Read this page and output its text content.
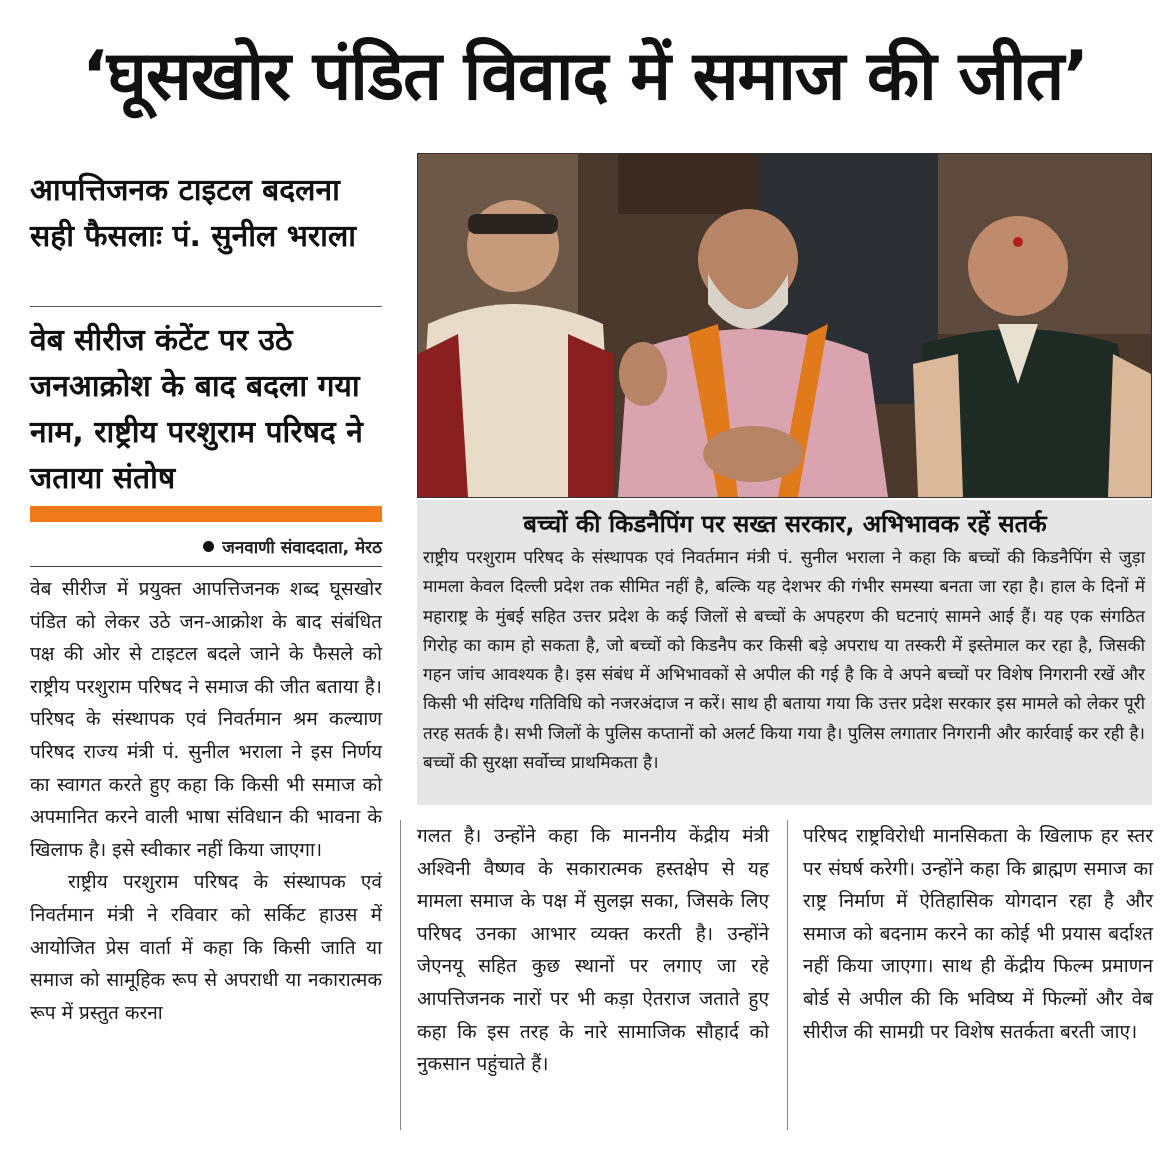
‘घूसखोर पंडित विवाद में समाज की जीत’
आपत्तिजनक टाइटल बदलना सही फैसलाः पं. सुनील भराला
वेब सीरीज कंटेंट पर उठे जनआक्रोश के बाद बदला गया नाम, राष्ट्रीय परशुराम परिषद ने जताया संतोष
जनवाणी संवाददाता, मेरठ

वेब सीरीज में प्रयुक्त आपत्तिजनक शब्द घूसखोर पंडित को लेकर उठे जन-आक्रोश के बाद संबंधित पक्ष की ओर से टाइटल बदले जाने के फैसले को राष्ट्रीय परशुराम परिषद ने समाज की जीत बताया है। परिषद के संस्थापक एवं निवर्तमान श्रम कल्याण परिषद राज्य मंत्री पं. सुनील भराला ने इस निर्णय का स्वागत करते हुए कहा कि किसी भी समाज को अपमानित करने वाली भाषा संविधान की भावना के खिलाफ है। इसे स्वीकार नहीं किया जाएगा।

राष्ट्रीय परशुराम परिषद के संस्थापक एवं निवर्तमान मंत्री ने रविवार को सर्किट हाउस में आयोजित प्रेस वार्ता में कहा कि किसी जाति या समाज को सामूहिक रूप से अपराधी या नकारात्मक रूप में प्रस्तुत करना

बच्चों की किडनैपिंग पर सख्त सरकार, अभिभावक रहें सतर्क
राष्ट्रीय परशुराम परिषद के संस्थापक एवं निवर्तमान मंत्री पं. सुनील भराला ने कहा कि बच्चों की किडनैपिंग से जुड़ा मामला केवल दिल्ली प्रदेश तक सीमित नहीं है, बल्कि यह देशभर की गंभीर समस्या बनता जा रहा है। हाल के दिनों में महाराष्ट्र के मुंबई सहित उत्तर प्रदेश के कई जिलों से बच्चों के अपहरण की घटनाएं सामने आई हैं। यह एक संगठित गिरोह का काम हो सकता है, जो बच्चों को किडनैप कर किसी बड़े अपराध या तस्करी में इस्तेमाल कर रहा है, जिसकी गहन जांच आवश्यक है। इस संबंध में अभिभावकों से अपील की गई है कि वे अपने बच्चों पर विशेष निगरानी रखें और किसी भी संदिग्ध गतिविधि को नजरअंदाज न करें। साथ ही बताया गया कि उत्तर प्रदेश सरकार इस मामले को लेकर पूरी तरह सतर्क है। सभी जिलों के पुलिस कप्तानों को अलर्ट किया गया है। पुलिस लगातार निगरानी और कार्रवाई कर रही है। बच्चों की सुरक्षा सर्वोच्च प्राथमिकता है।
गलत है। उन्होंने कहा कि माननीय केंद्रीय मंत्री अश्विनी वैष्णव के सकारात्मक हस्तक्षेप से यह मामला समाज के पक्ष में सुलझ सका, जिसके लिए परिषद उनका आभार व्यक्त करती है। उन्होंने जेएनयू सहित कुछ स्थानों पर लगाए जा रहे आपत्तिजनक नारों पर भी कड़ा ऐतराज जताते हुए कहा कि इस तरह के नारे सामाजिक सौहार्द को नुकसान पहुंचाते हैं।
परिषद राष्ट्रविरोधी मानसिकता के खिलाफ हर स्तर पर संघर्ष करेगी। उन्होंने कहा कि ब्राह्मण समाज का राष्ट्र निर्माण में ऐतिहासिक योगदान रहा है और समाज को बदनाम करने का कोई भी प्रयास बर्दाश्त नहीं किया जाएगा। साथ ही केंद्रीय फिल्म प्रमाणन बोर्ड से अपील की कि भविष्य में फिल्मों और वेब सीरीज की सामग्री पर विशेष सतर्कता बरती जाए।
